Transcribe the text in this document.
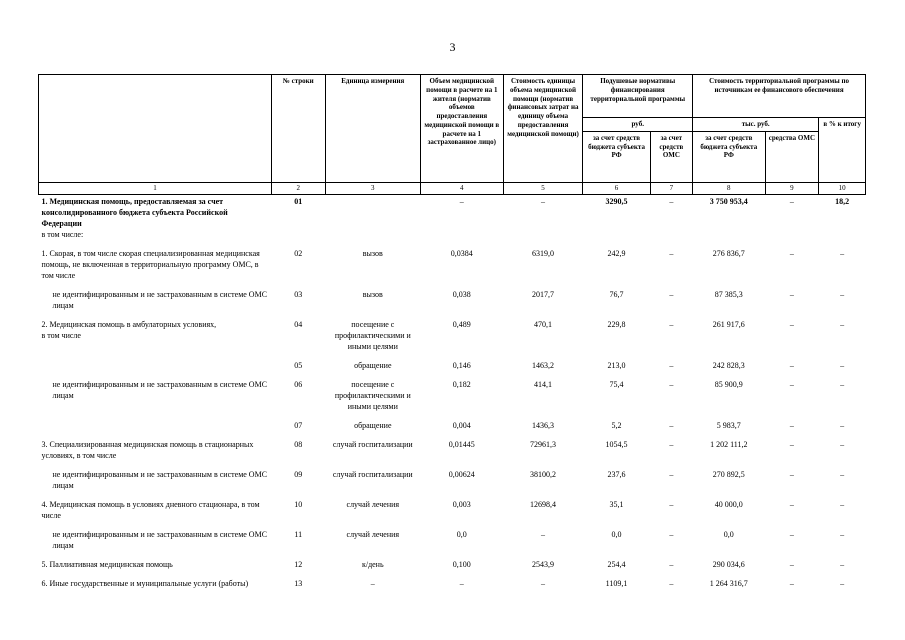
3
	№ строки	Единица измерения	Объем медицинской помощи в расчете на 1 жителя (норматив объемов предоставления медицинской помощи в расчете на 1 застрахованное лицо)	Стоимость единицы объема медицинской помощи (норматив финансовых затрат на единицу объема предоставления медицинской помощи)	Подушевые нормативы финансирования территориальной программы		Стоимость территориальной программы по источникам ее финансового обеспечения		
					руб.		тыс. руб.		в % к итогу
					за счет средств бюджета субъекта РФ	за счет средств ОМС	за счет средств бюджета субъекта РФ	средства ОМС	
1	2	3	4	5	6	7	8	9	10
1. Медицинская помощь, предоставляемая за счет консолидированного бюджета субъекта Российской Федерации
в том числе:	01		–	–	3290,5	–	3 750 953,4	–	18,2

1. Скорая, в том числе скорая специализированная медицинская помощь, не включенная в территориальную программу ОМС, в том числе	02	вызов	0,0384	6319,0	242,9	–	276 836,7	–	–

не идентифицированным и не застрахованным в системе ОМС лицам	03	вызов	0,038	2017,7	76,7	–	87 385,3	–	–

2. Медицинская помощь в амбулаторных условиях,
в том числе	04	посещение с профилактическими и иными целями	0,489	470,1	229,8	–	261 917,6	–	–

	05	обращение	0,146	1463,2	213,0	–	242 828,3	–	–

не идентифицированным и не застрахованным в системе ОМС лицам	06	посещение с профилактическими и иными целями	0,182	414,1	75,4	–	85 900,9	–	–

	07	обращение	0,004	1436,3	5,2	–	5 983,7	–	–

3. Специализированная медицинская помощь в стационарных условиях, в том числе	08	случай госпитализации	0,01445	72961,3	1054,5	–	1 202 111,2	–	–

не идентифицированным и не застрахованным в системе ОМС лицам	09	случай госпитализации	0,00624	38100,2	237,6	–	270 892,5	–	–

4. Медицинская помощь в условиях дневного стационара, в том числе	10	случай лечения	0,003	12698,4	35,1	–	40 000,0	–	–

не идентифицированным и не застрахованным в системе ОМС лицам	11	случай лечения	0,0	–	0,0	–	0,0	–	–

5. Паллиативная медицинская помощь	12	к/день	0,100	2543,9	254,4	–	290 034,6	–	–

6. Иные государственные и муниципальные услуги (работы)	13	–	–	–	1109,1	–	1 264 316,7	–	–
